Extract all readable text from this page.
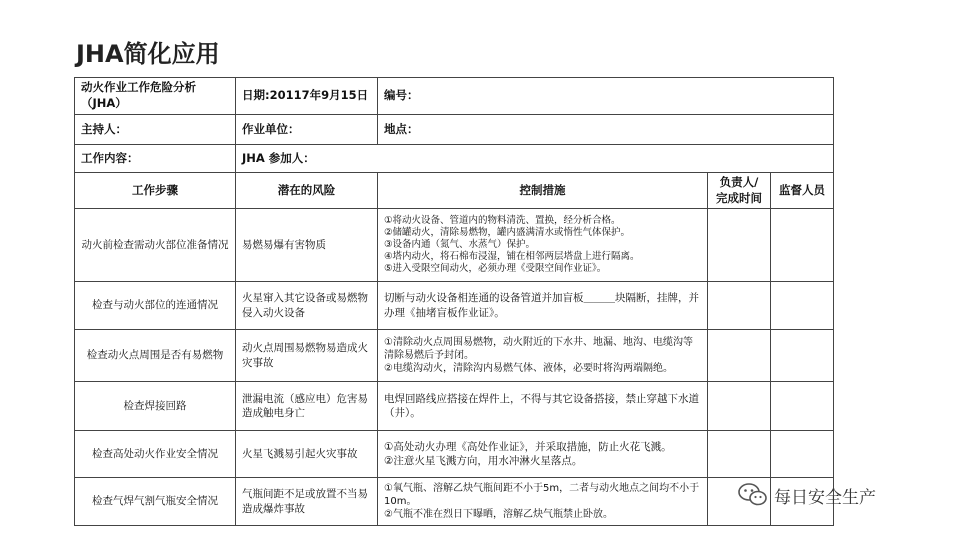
JHA简化应用
动火作业工作危险分析（JHA）	日期:20117年9月15日	编号：		
主持人：	作业单位：	地点：		
工作内容：	JHA 参加人：			
工作步骤	潜在的风险	控制措施	负责人/完成时间	监督人员
动火前检查需动火部位准备情况	易燃易爆有害物质	①将动火设备、管道内的物料清洗、置换，经分析合格。
②储罐动火，清除易燃物，罐内盛满清水或惰性气体保护。
③设备内通（氮气、水蒸气）保护。
④塔内动火，将石棉布浸湿，铺在相邻两层塔盘上进行隔离。
⑤进入受限空间动火，必须办理《受限空间作业证》。		
检查与动火部位的连通情况	火星窜入其它设备或易燃物侵入动火设备	切断与动火设备相连通的设备管道并加盲板＿＿＿块隔断，挂牌，并办理《抽堵盲板作业证》。		
检查动火点周围是否有易燃物	动火点周围易燃物易造成火灾事故	①清除动火点周围易燃物，动火附近的下水井、地漏、地沟、电缆沟等清除易燃后予封闭。
②电缆沟动火，清除沟内易燃气体、液体，必要时将沟两端隔绝。		
检查焊接回路	泄漏电流（感应电）危害易造成触电身亡	电焊回路线应搭接在焊件上，不得与其它设备搭接，禁止穿越下水道（井）。		
检查高处动火作业安全情况	火星飞溅易引起火灾事故	①高处动火办理《高处作业证》，并采取措施，防止火花飞溅。
②注意火星飞溅方向，用水冲淋火星落点。		
检查气焊气割气瓶安全情况	气瓶间距不足或放置不当易造成爆炸事故	①氧气瓶、溶解乙炔气瓶间距不小于5m，二者与动火地点之间均不小于10m。
②气瓶不准在烈日下曝晒，溶解乙炔气瓶禁止卧放。		
每日安全生产
